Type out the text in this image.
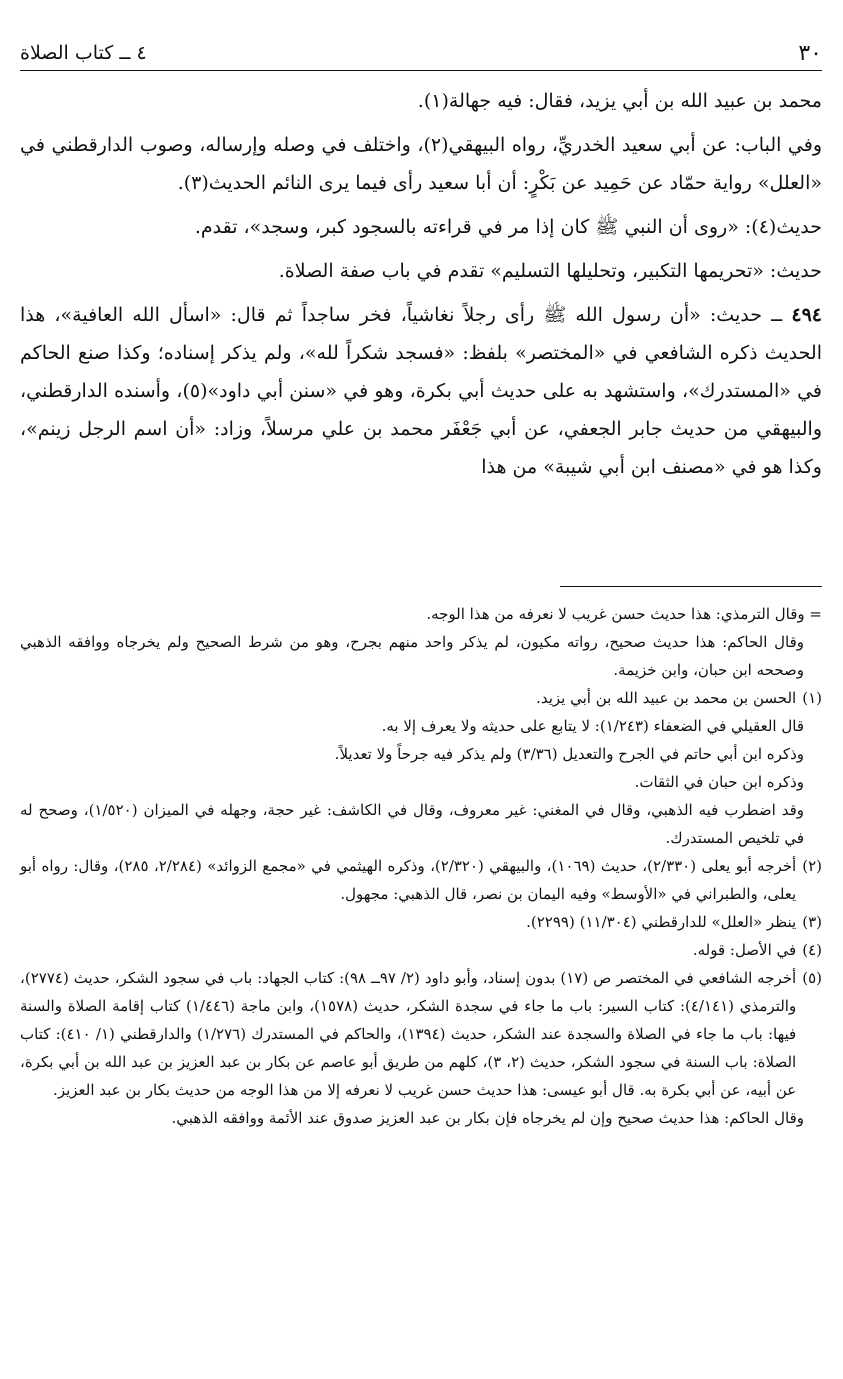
٣٠
٤ ــ كتاب الصلاة

محمد بن عبيد الله بن أبي يزيد، فقال: فيه جهالة(١).

وفي الباب: عن أبي سعيد الخدريِّ، رواه البيهقي(٢)، واختلف في وصله وإرساله، وصوب الدارقطني في «العلل» رواية حمّاد عن حَمِيد عن بَكْرٍ: أن أبا سعيد رأى فيما يرى النائم الحديث(٣).

حديث(٤): «روى أن النبي ﷺ كان إذا مر في قراءته بالسجود كبر، وسجد»، تقدم.

حديث: «تحريمها التكبير، وتحليلها التسليم» تقدم في باب صفة الصلاة.

٤٩٤ ــ حديث: «أن رسول الله ﷺ رأى رجلاً نغاشياً، فخر ساجداً ثم قال: «اسأل الله العافية»، هذا الحديث ذكره الشافعي في «المختصر» بلفظ: «فسجد شكراً لله»، ولم يذكر إسناده؛ وكذا صنع الحاكم في «المستدرك»، واستشهد به على حديث أبي بكرة، وهو في «سنن أبي داود»(٥)، وأسنده الدارقطني، والبيهقي من حديث جابر الجعفي، عن أبي جَعْفَر محمد بن علي مرسلاً، وزاد: «أن اسم الرجل زينم»، وكذا هو في «مصنف ابن أبي شيبة» من هذا

= وقال الترمذي: هذا حديث حسن غريب لا نعرفه من هذا الوجه.

وقال الحاكم: هذا حديث صحيح، رواته مكيون، لم يذكر واحد منهم بجرح، وهو من شرط الصحيح ولم يخرجاه ووافقه الذهبي وصححه ابن حبان، وابن خزيمة.

(١)
الحسن بن محمد بن عبيد الله بن أبي يزيد.

قال العقيلي في الضعفاء (١/٢٤٣): لا يتابع على حديثه ولا يعرف إلا به.

وذكره ابن أبي حاتم في الجرح والتعديل (٣/٣٦) ولم يذكر فيه جرحاً ولا تعديلاً.

وذكره ابن حبان في الثقات.

وقد اضطرب فيه الذهبي، وقال في المغني: غير معروف، وقال في الكاشف: غير حجة، وجهله في الميزان (١/٥٢٠)، وصحح له في تلخيص المستدرك.

(٢)
أخرجه أبو يعلى (٢/٣٣٠)، حديث (١٠٦٩)، والبيهقي (٢/٣٢٠)، وذكره الهيثمي في «مجمع الزوائد» (٢/٢٨٤، ٢٨٥)، وقال: رواه أبو يعلى، والطبراني في «الأوسط» وفيه اليمان بن نصر، قال الذهبي: مجهول.
(٣)
ينظر «العلل» للدارقطني (١١/٣٠٤) (٢٢٩٩).
(٤)
في الأصل: قوله.
(٥)
أخرجه الشافعي في المختصر ص (١٧) بدون إسناد، وأبو داود (٢/ ٩٧ــ ٩٨): كتاب الجهاد: باب في سجود الشكر، حديث (٢٧٧٤)، والترمذي (٤/١٤١): كتاب السير: باب ما جاء في سجدة الشكر، حديث (١٥٧٨)، وابن ماجة (١/٤٤٦) كتاب إقامة الصلاة والسنة فيها: باب ما جاء في الصلاة والسجدة عند الشكر، حديث (١٣٩٤)، والحاكم في المستدرك (١/٢٧٦) والدارقطني (١/ ٤١٠): كتاب الصلاة: باب السنة في سجود الشكر، حديث (٢، ٣)، كلهم من طريق أبو عاصم عن بكار بن عبد العزيز بن عبد الله بن أبي بكرة، عن أبيه، عن أبي بكرة به. قال أبو عيسى: هذا حديث حسن غريب لا نعرفه إلا من هذا الوجه من حديث بكار بن عبد العزيز.

وقال الحاكم: هذا حديث صحيح وإن لم يخرجاه فإن بكار بن عبد العزيز صدوق عند الأئمة ووافقه الذهبي.
